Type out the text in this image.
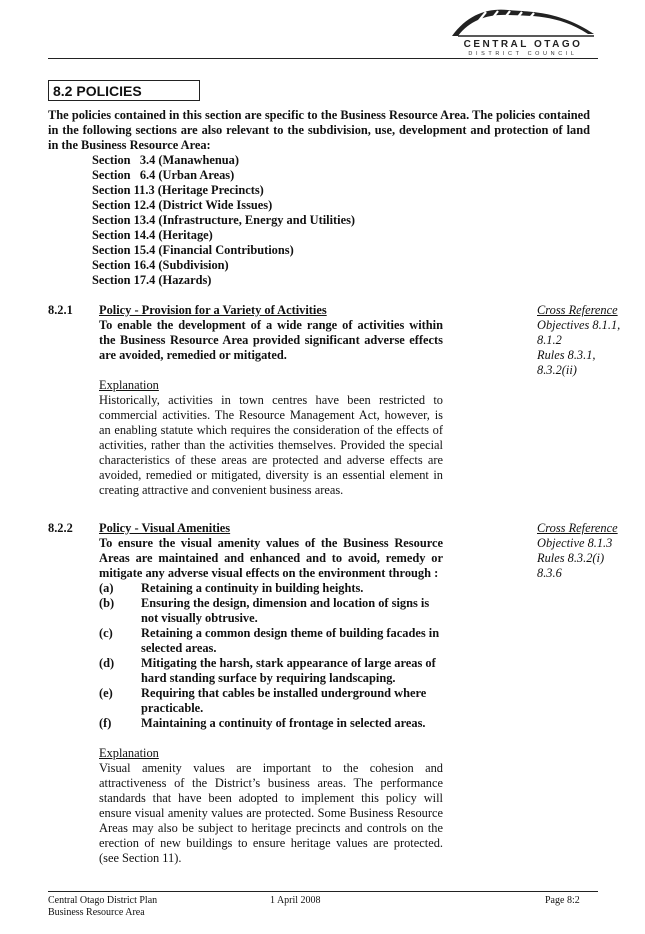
CENTRAL OTAGO
DISTRICT COUNCIL
8.2 POLICIES
The policies contained in this section are specific to the Business Resource Area. The policies contained in the following sections are also relevant to the subdivision, use, development and protection of land in the Business Resource Area:
Section   3.4 (Manawhenua)
Section   6.4 (Urban Areas)
Section 11.3 (Heritage Precincts)
Section 12.4 (District Wide Issues)
Section 13.4 (Infrastructure, Energy and Utilities)
Section 14.4 (Heritage)
Section 15.4 (Financial Contributions)
Section 16.4 (Subdivision)
Section 17.4 (Hazards)
8.2.1 Policy - Provision for a Variety of Activities
To enable the development of a wide range of activities within the Business Resource Area provided significant adverse effects are avoided, remedied or mitigated.
Explanation
Historically, activities in town centres have been restricted to commercial activities. The Resource Management Act, however, is an enabling statute which requires the consideration of the effects of activities, rather than the activities themselves. Provided the special characteristics of these areas are protected and adverse effects are avoided, remedied or mitigated, diversity is an essential element in creating attractive and convenient business areas.
Cross Reference
Objectives 8.1.1,
8.1.2
Rules 8.3.1,
8.3.2(ii)
8.2.2 Policy - Visual Amenities
To ensure the visual amenity values of the Business Resource Areas are maintained and enhanced and to avoid, remedy or mitigate any adverse visual effects on the environment through :
(a)	Retaining a continuity in building heights.
(b)	Ensuring the design, dimension and location of signs is not visually obtrusive.
(c)	Retaining a common design theme of building facades in selected areas.
(d)	Mitigating the harsh, stark appearance of large areas of hard standing surface by requiring landscaping.
(e)	Requiring that cables be installed underground where practicable.
(f)	Maintaining a continuity of frontage in selected areas.
Explanation
Visual amenity values are important to the cohesion and attractiveness of the District’s business areas. The performance standards that have been adopted to implement this policy will ensure visual amenity values are protected. Some Business Resource Areas may also be subject to heritage precincts and controls on the erection of new buildings to ensure heritage values are protected. (see Section 11).
Cross Reference
Objective 8.1.3
Rules 8.3.2(i)
8.3.6
Central Otago District Plan
Business Resource Area
1 April 2008	Page 8:2
